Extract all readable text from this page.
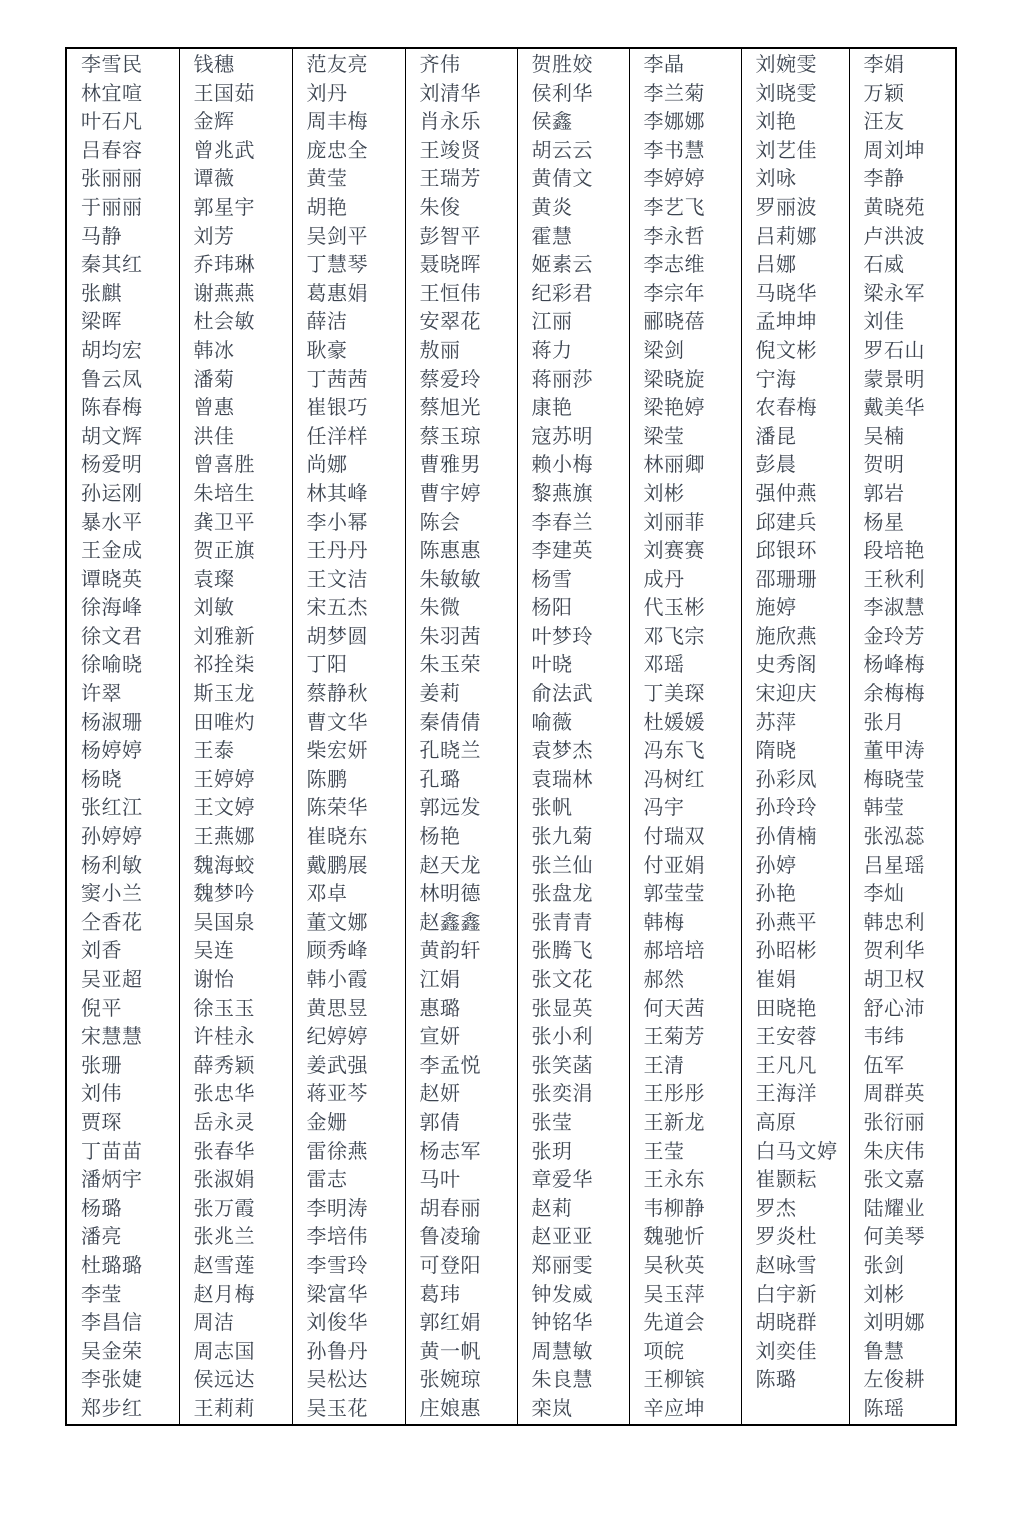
李雪民	钱穗	范友亮	齐伟	贺胜姣	李晶	刘婉雯	李娟
林宜喧	王国茹	刘丹	刘清华	侯利华	李兰菊	刘晓雯	万颖
叶石凡	金辉	周丰梅	肖永乐	侯鑫	李娜娜	刘艳	汪友
吕春容	曾兆武	庞忠全	王竣贤	胡云云	李书慧	刘艺佳	周刘坤
张丽丽	谭薇	黄莹	王瑞芳	黄倩文	李婷婷	刘咏	李静
于丽丽	郭星宇	胡艳	朱俊	黄炎	李艺飞	罗丽波	黄晓苑
马静	刘芳	吴剑平	彭智平	霍慧	李永哲	吕莉娜	卢洪波
秦其红	乔玮琳	丁慧琴	聂晓晖	姬素云	李志维	吕娜	石威
张麒	谢燕燕	葛惠娟	王恒伟	纪彩君	李宗年	马晓华	梁永军
梁晖	杜会敏	薛洁	安翠花	江丽	郦晓蓓	孟坤坤	刘佳
胡均宏	韩冰	耿豪	敖丽	蒋力	梁剑	倪文彬	罗石山
鲁云凤	潘菊	丁茜茜	蔡爱玲	蒋丽莎	梁晓旋	宁海	蒙景明
陈春梅	曾惠	崔银巧	蔡旭光	康艳	梁艳婷	农春梅	戴美华
胡文辉	洪佳	任洋样	蔡玉琼	寇苏明	梁莹	潘昆	吴楠
杨爱明	曾喜胜	尚娜	曹雅男	赖小梅	林丽卿	彭晨	贺明
孙运刚	朱培生	林其峰	曹宇婷	黎燕旗	刘彬	强仲燕	郭岩
暴水平	龚卫平	李小幂	陈会	李春兰	刘丽菲	邱建兵	杨星
王金成	贺正旗	王丹丹	陈惠惠	李建英	刘赛赛	邱银环	段培艳
谭晓英	袁璨	王文洁	朱敏敏	杨雪	成丹	邵珊珊	王秋利
徐海峰	刘敏	宋五杰	朱微	杨阳	代玉彬	施婷	李淑慧
徐文君	刘雅新	胡梦圆	朱羽茜	叶梦玲	邓飞宗	施欣燕	金玲芳
徐喻晓	祁拴柒	丁阳	朱玉荣	叶晓	邓瑶	史秀阁	杨峰梅
许翠	斯玉龙	蔡静秋	姜莉	俞法武	丁美琛	宋迎庆	余梅梅
杨淑珊	田唯灼	曹文华	秦倩倩	喻薇	杜媛媛	苏萍	张月
杨婷婷	王泰	柴宏妍	孔晓兰	袁梦杰	冯东飞	隋晓	董甲涛
杨晓	王婷婷	陈鹏	孔璐	袁瑞林	冯树红	孙彩凤	梅晓莹
张红江	王文婷	陈荣华	郭远发	张帆	冯宇	孙玲玲	韩莹
孙婷婷	王燕娜	崔晓东	杨艳	张九菊	付瑞双	孙倩楠	张泓蕊
杨利敏	魏海蛟	戴鹏展	赵天龙	张兰仙	付亚娟	孙婷	吕星瑶
窦小兰	魏梦吟	邓卓	林明德	张盘龙	郭莹莹	孙艳	李灿
仝香花	吴国泉	董文娜	赵鑫鑫	张青青	韩梅	孙燕平	韩忠利
刘香	吴连	顾秀峰	黄韵轩	张腾飞	郝培培	孙昭彬	贺利华
吴亚超	谢怡	韩小霞	江娟	张文花	郝然	崔娟	胡卫权
倪平	徐玉玉	黄思昱	惠璐	张显英	何天茜	田晓艳	舒心沛
宋慧慧	许桂永	纪婷婷	宣妍	张小利	王菊芳	王安蓉	韦纬
张珊	薛秀颖	姜武强	李孟悦	张笑菡	王清	王凡凡	伍军
刘伟	张忠华	蒋亚芩	赵妍	张奕涓	王彤彤	王海洋	周群英
贾琛	岳永灵	金姗	郭倩	张莹	王新龙	高原	张衍丽
丁苗苗	张春华	雷徐燕	杨志军	张玥	王莹	白马文婷	朱庆伟
潘炳宇	张淑娟	雷志	马叶	章爱华	王永东	崔颢耘	张文嘉
杨璐	张万霞	李明涛	胡春丽	赵莉	韦柳静	罗杰	陆耀业
潘亮	张兆兰	李培伟	鲁凌瑜	赵亚亚	魏驰忻	罗炎杜	何美琴
杜璐璐	赵雪莲	李雪玲	可登阳	郑丽雯	吴秋英	赵咏雪	张剑
李莹	赵月梅	梁富华	葛玮	钟发威	吴玉萍	白宇新	刘彬
李昌信	周洁	刘俊华	郭红娟	钟铭华	先道会	胡晓群	刘明娜
吴金荣	周志国	孙鲁丹	黄一帆	周慧敏	项皖	刘奕佳	鲁慧
李张婕	侯远达	吴松达	张婉琼	朱良慧	王柳镔	陈璐	左俊耕
郑步红	王莉莉	吴玉花	庄娘惠	栾岚	辛应坤		陈瑶
